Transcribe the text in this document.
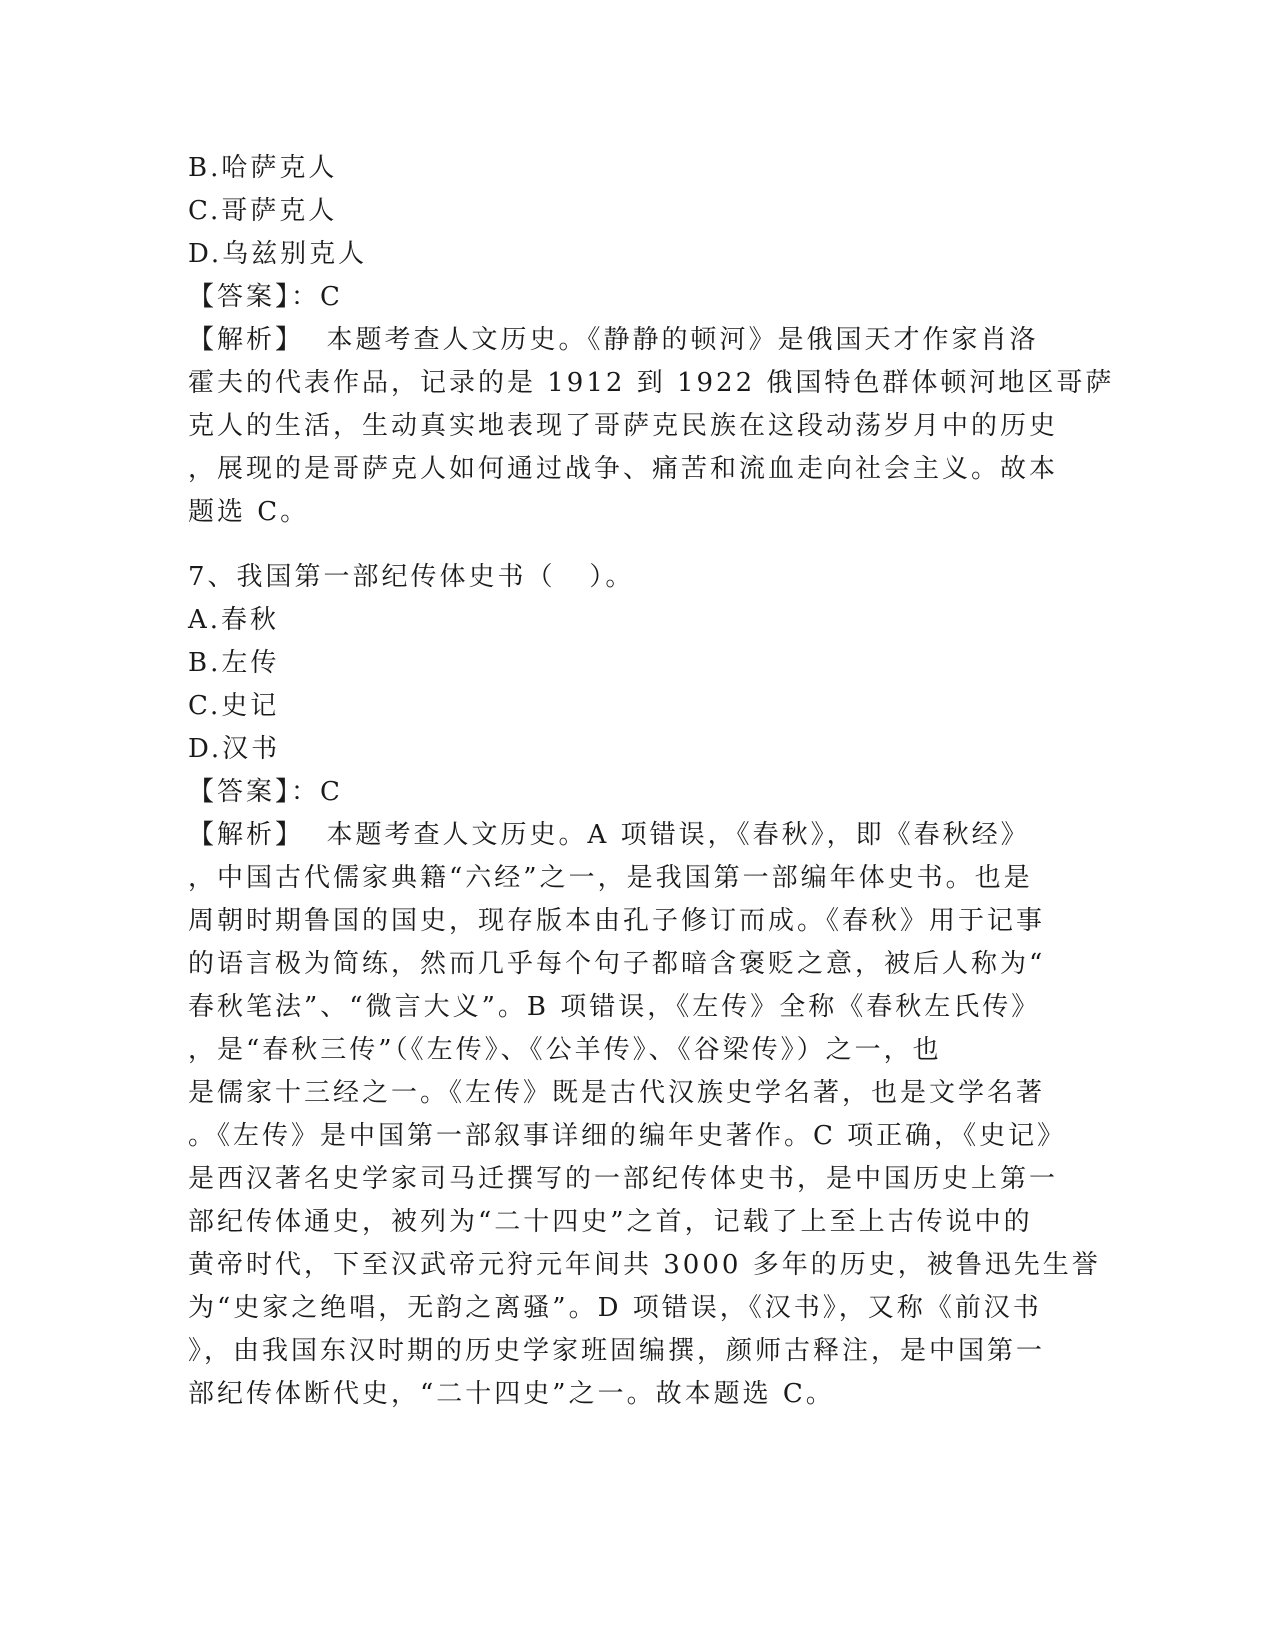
B.哈萨克人
C.哥萨克人
D.乌兹别克人
【答案】：C
【解析】  本题考查人文历史。《静静的顿河》是俄国天才作家肖洛
霍夫的代表作品，记录的是 1912 到 1922 俄国特色群体顿河地区哥萨
克人的生活，生动真实地表现了哥萨克民族在这段动荡岁月中的历史
，展现的是哥萨克人如何通过战争、痛苦和流血走向社会主义。故本
题选 C。
7、我国第一部纪传体史书（   ）。
A.春秋
B.左传
C.史记
D.汉书
【答案】：C
【解析】  本题考查人文历史。A 项错误，《春秋》，即《春秋经》
，中国古代儒家典籍“六经”之一，是我国第一部编年体史书。也是
周朝时期鲁国的国史，现存版本由孔子修订而成。《春秋》用于记事
的语言极为简练，然而几乎每个句子都暗含褒贬之意，被后人称为“
春秋笔法”、“微言大义”。B 项错误，《左传》全称《春秋左氏传》
，是“春秋三传”（《左传》、《公羊传》、《谷梁传》）之一，也
是儒家十三经之一。《左传》既是古代汉族史学名著，也是文学名著
。《左传》是中国第一部叙事详细的编年史著作。C 项正确，《史记》
是西汉著名史学家司马迁撰写的一部纪传体史书，是中国历史上第一
部纪传体通史，被列为“二十四史”之首，记载了上至上古传说中的
黄帝时代，下至汉武帝元狩元年间共 3000 多年的历史，被鲁迅先生誉
为“史家之绝唱，无韵之离骚”。D 项错误，《汉书》，又称《前汉书
》，由我国东汉时期的历史学家班固编撰，颜师古释注，是中国第一
部纪传体断代史，“二十四史”之一。故本题选 C。
